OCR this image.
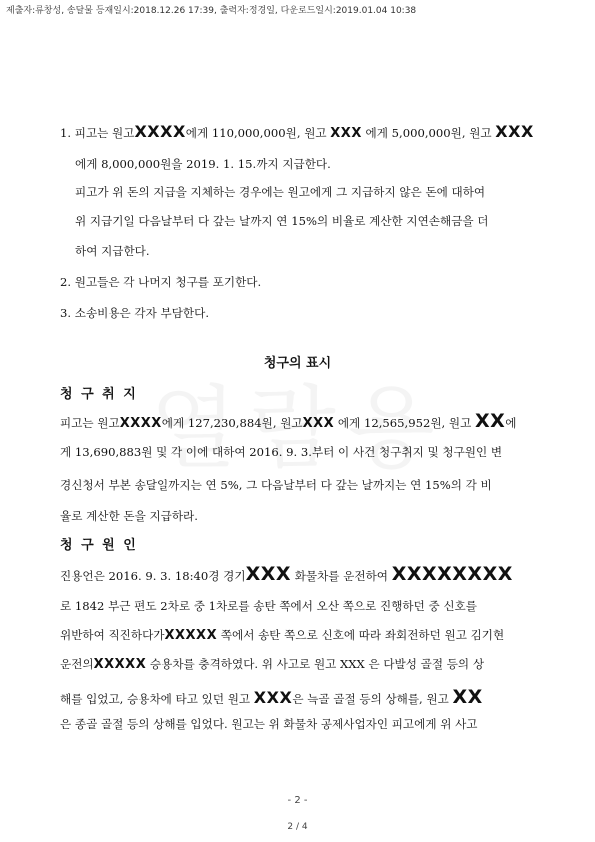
제출자:류창성, 송달물 등재일시:2018.12.26 17:39, 출력자:정경일, 다운로드일시:2019.01.04 10:38
1. 피고는 원고XXXX에게 110,000,000원, 원고 XXX 에게 5,000,000원, 원고 XXX
에게 8,000,000원을 2019. 1. 15.까지 지급한다.
피고가 위 돈의 지급을 지체하는 경우에는 원고에게 그 지급하지 않은 돈에 대하여
위 지급기일 다음날부터 다 갚는 날까지 연 15%의 비율로 계산한 지연손해금을 더
하여 지급한다.
2. 원고들은 각 나머지 청구를 포기한다.
3. 소송비용은 각자 부담한다.
청구의 표시
청 구 취 지
피고는 원고XXXX에게 127,230,884원, 원고XXX 에게 12,565,952원, 원고 XX에
게 13,690,883원 및 각 이에 대하여 2016. 9. 3.부터 이 사건 청구취지 및 청구원인 변
경신청서 부본 송달일까지는 연 5%, 그 다음날부터 다 갚는 날까지는 연 15%의 각 비
율로 계산한 돈을 지급하라.
청 구 원 인
진용언은 2016. 9. 3. 18:40경 경기XXX 화물차를 운전하여 XXXXXXXX
로 1842 부근 편도 2차로 중 1차로를 송탄 쪽에서 오산 쪽으로 진행하던 중 신호를
위반하여 직진하다가XXXXX 쪽에서 송탄 쪽으로 신호에 따라 좌회전하던 원고 김기현
운전의XXXXX 승용차를 충격하였다. 위 사고로 원고 XXX 은 다발성 골절 등의 상
해를 입었고, 승용차에 타고 있던 원고 XXX은 늑골 골절 등의 상해를, 원고 XX
은 종골 골절 등의 상해를 입었다. 원고는 위 화물차 공제사업자인 피고에게 위 사고
- 2 -
2 / 4
